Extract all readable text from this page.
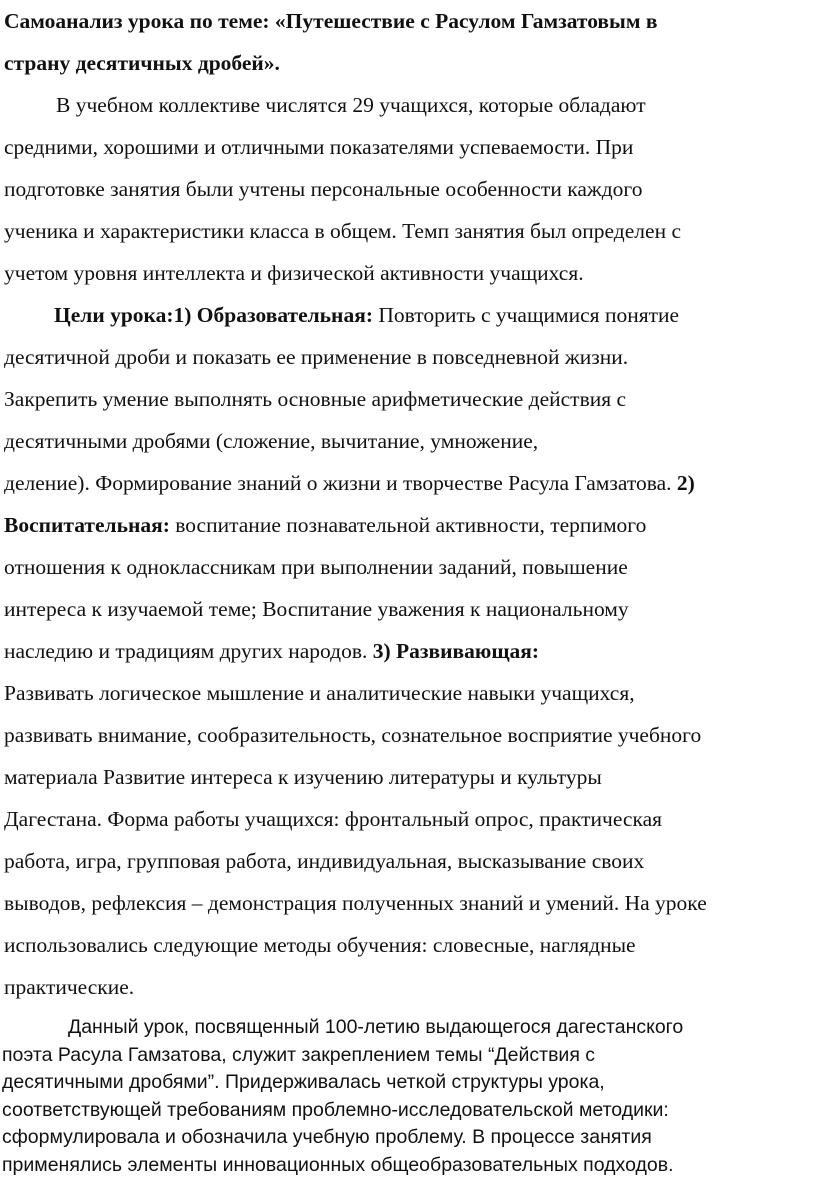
Самоанализ урока по теме: «Путешествие с Расулом Гамзатовым в
страну десятичных дробей».
В учебном коллективе числятся 29 учащихся, которые обладают
средними, хорошими и отличными показателями успеваемости. При
подготовке занятия были учтены персональные особенности каждого
ученика и характеристики класса в общем. Темп занятия был определен с
учетом уровня интеллекта и физической активности учащихся.
Цели урока:1) Образовательная: Повторить с учащимися понятие
десятичной дроби и показать ее применение в повседневной жизни.
Закрепить умение выполнять основные арифметические действия с
десятичными дробями (сложение, вычитание, умножение,
деление). Формирование знаний о жизни и творчестве Расула Гамзатова. 2)
Воспитательная: воспитание познавательной активности, терпимого
отношения к одноклассникам при выполнении заданий, повышение
интереса к изучаемой теме; Воспитание уважения к национальному
наследию и традициям других народов. 3) Развивающая:
Развивать логическое мышление и аналитические навыки учащихся,
развивать внимание, сообразительность, сознательное восприятие учебного
материала Развитие интереса к изучению литературы и культуры
Дагестана. Форма работы учащихся: фронтальный опрос, практическая
работа, игра, групповая работа, индивидуальная, высказывание своих
выводов, рефлексия – демонстрация полученных знаний и умений. На уроке
использовались следующие методы обучения: словесные, наглядные
практические.
Данный урок, посвященный 100-летию выдающегося дагестанского
поэта Расула Гамзатова, служит закреплением темы “Действия с
десятичными дробями”. Придерживалась четкой структуры урока,
соответствующей требованиям проблемно-исследовательской методики:
сформулировала и обозначила учебную проблему. В процессе занятия
применялись элементы инновационных общеобразовательных подходов.
